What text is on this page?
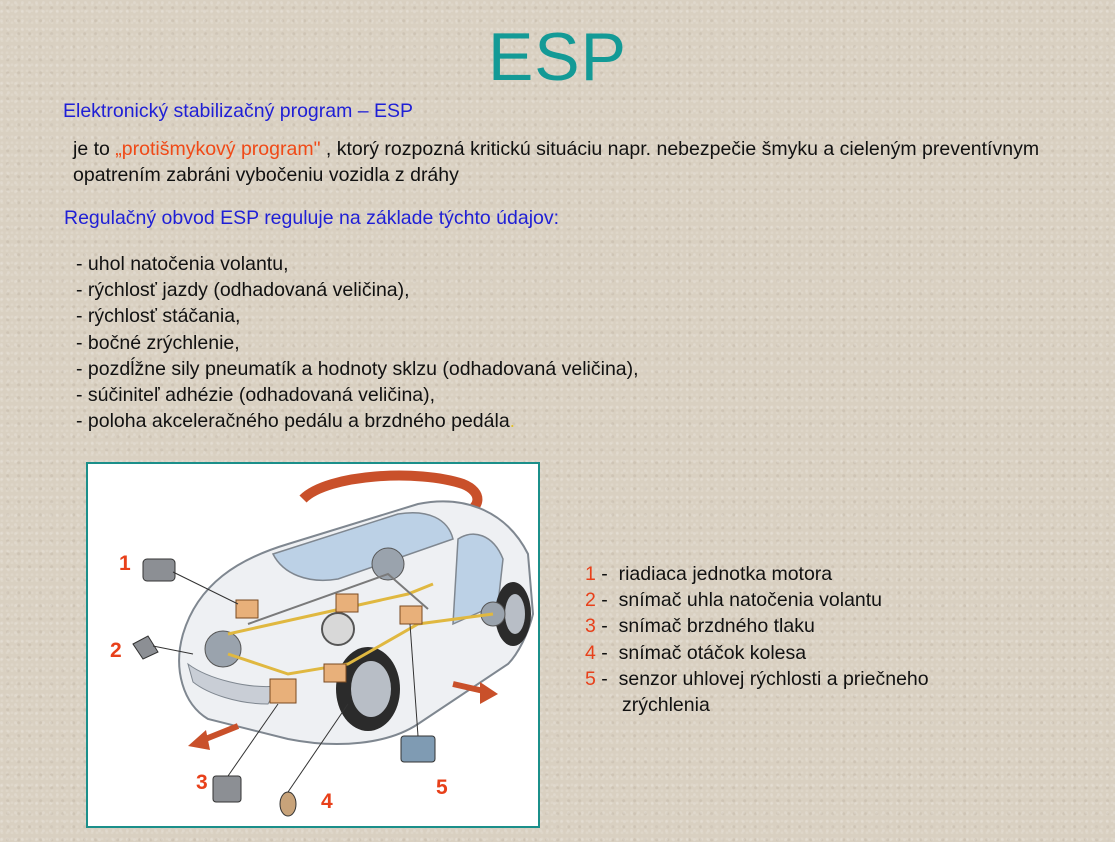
ESP
Elektronický stabilizačný program – ESP
je to „protišmykový program" , ktorý rozpozná kritickú situáciu napr. nebezpečie šmyku a cieleným preventívnym opatrením zabráni vybočeniu vozidla z dráhy
Regulačný obvod ESP reguluje na základe týchto údajov:
- uhol natočenia volantu,
- rýchlosť jazdy (odhadovaná veličina),
- rýchlosť stáčania,
- bočné zrýchlenie,
- pozdĺžne sily pneumatík a hodnoty sklzu (odhadovaná veličina),
- súčiniteľ adhézie (odhadovaná veličina),
- poloha akceleračného pedálu a brzdného pedála.
1
2
3
4
5
1 -  riadiaca jednotka motora
2 -  snímač uhla natočenia volantu
3 -  snímač brzdného tlaku
4 -  snímač otáčok kolesa
5 -  senzor uhlovej rýchlosti a priečneho
zrýchlenia
